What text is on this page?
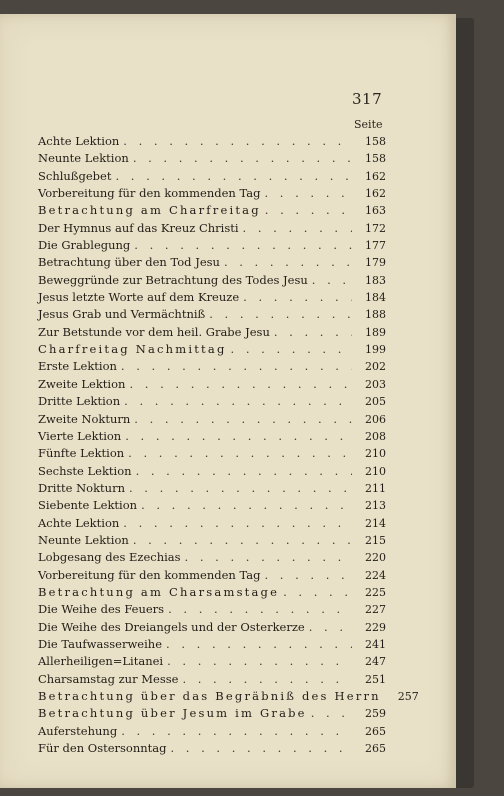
317
Seite
Achte Lektion . . .	158
Neunte Lektion . . .	158
Schlußgebet . . .	162
Vorbereitung für den kommenden Tag . . .	162
Betrachtung am Charfreitag . . .	163
Der Hymnus auf das Kreuz Christi . . .	172
Die Grablegung . . .	177
Betrachtung über den Tod Jesu . . .	179
Beweggründe zur Betrachtung des Todes Jesu . . .	183
Jesus letzte Worte auf dem Kreuze . . .	184
Jesus Grab und Vermächtniß . . .	188
Zur Betstunde vor dem heil. Grabe Jesu . . .	189
Charfreitag Nachmittag . . .	199
Erste Lektion . . .	202
Zweite Lektion . . .	203
Dritte Lektion . . .	205
Zweite Nokturn . . .	206
Vierte Lektion . . .	208
Fünfte Lektion . . .	210
Sechste Lektion . . .	210
Dritte Nokturn . . .	211
Siebente Lektion . . .	213
Achte Lektion . . .	214
Neunte Lektion . . .	215
Lobgesang des Ezechias . . .	220
Vorbereitung für den kommenden Tag . . .	224
Betrachtung am Charsamstage . . .	225
Die Weihe des Feuers . . .	227
Die Weihe des Dreiangels und der Osterkerze . . .	229
Die Taufwasserweihe . . .	241
Allerheiligen=Litanei . . .	247
Charsamstag zur Messe . . .	251
Betrachtung über das Begräbniß des Herrn	257
Betrachtung über Jesum im Grabe . . .	259
Auferstehung . . .	265
Für den Ostersonntag . . .	265
